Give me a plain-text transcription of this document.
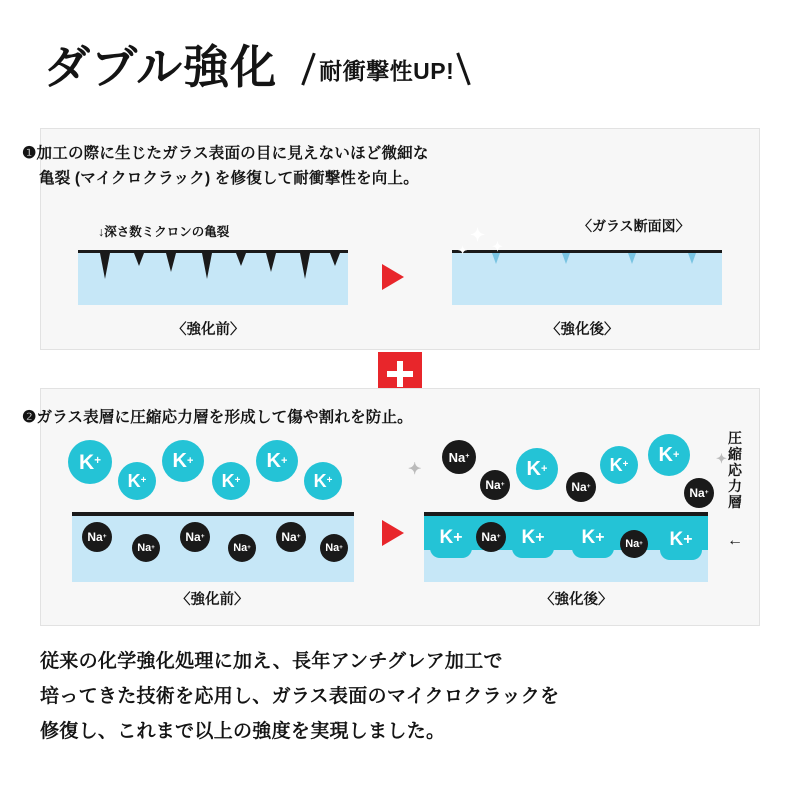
ダブル強化 耐衝撃性UP!
❶加工の際に生じたガラス表面の目に見えないほど微細な
亀裂 (マイクロクラック) を修復して耐衝撃性を向上。
↓深さ数ミクロンの亀裂	〈ガラス断面図〉
✦
✦
✦
〈強化前〉	〈強化後〉
❷ガラス表層に圧縮応力層を形成して傷や割れを防止。
K +
K +
K +
K +
K +
K +
Na +
Na +
Na +
Na +
Na +
Na +
Na +
Na +
K +
Na +
K + K +
Na +
✦
✦
K + Na + K + K + Na + K +
圧
縮
応
力
層
←
〈強化前〉	〈強化後〉
従来の化学強化処理に加え、長年アンチグレア加工で
培ってきた技術を応用し、ガラス表面のマイクロクラックを
修復し、これまで以上の強度を実現しました。
